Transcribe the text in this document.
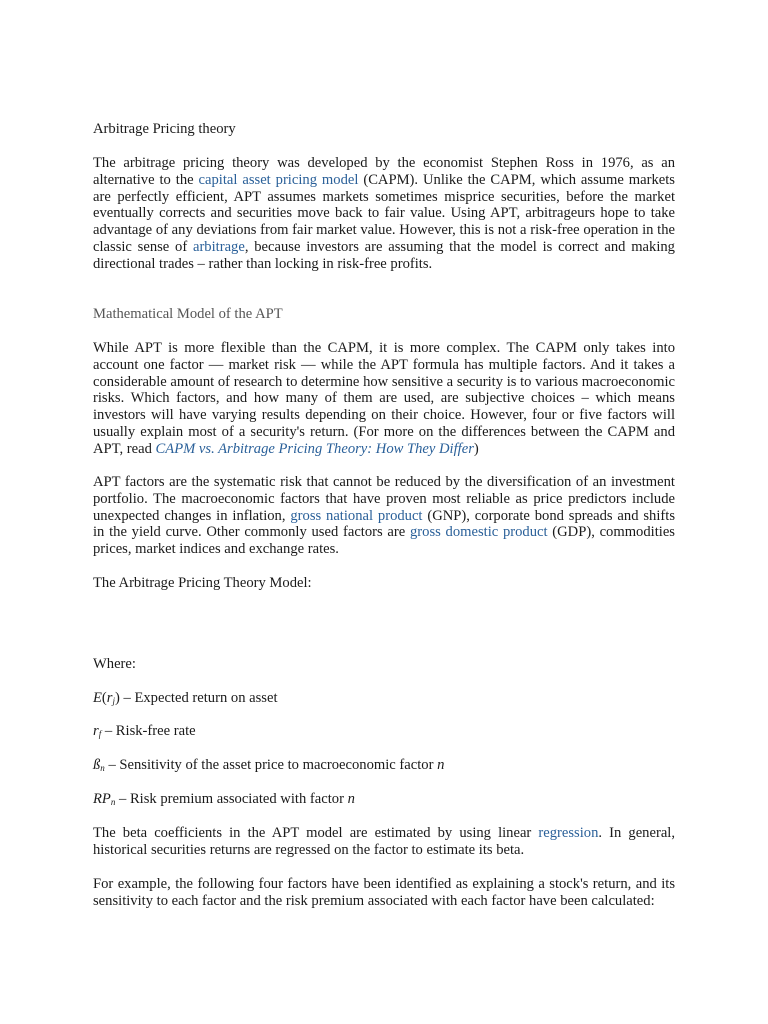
Arbitrage Pricing theory

The arbitrage pricing theory was developed by the economist Stephen Ross in 1976, as an alternative to the capital asset pricing model (CAPM). Unlike the CAPM, which assume markets are perfectly efficient, APT assumes markets sometimes misprice securities, before the market eventually corrects and securities move back to fair value. Using APT, arbitrageurs hope to take advantage of any deviations from fair market value. However, this is not a risk-free operation in the classic sense of arbitrage, because investors are assuming that the model is correct and making directional trades – rather than locking in risk-free profits.

Mathematical Model of the APT

While APT is more flexible than the CAPM, it is more complex. The CAPM only takes into account one factor — market risk — while the APT formula has multiple factors. And it takes a considerable amount of research to determine how sensitive a security is to various macroeconomic risks. Which factors, and how many of them are used, are subjective choices – which means investors will have varying results depending on their choice. However, four or five factors will usually explain most of a security's return. (For more on the differences between the CAPM and APT, read CAPM vs. Arbitrage Pricing Theory: How They Differ)

APT factors are the systematic risk that cannot be reduced by the diversification of an investment portfolio. The macroeconomic factors that have proven most reliable as price predictors include unexpected changes in inflation, gross national product (GNP), corporate bond spreads and shifts in the yield curve. Other commonly used factors are gross domestic product (GDP), commodities prices, market indices and exchange rates.

The Arbitrage Pricing Theory Model:

Where:

$E(r_j)$ – Expected return on asset

$r_f$ – Risk-free rate

$ß_n$ – Sensitivity of the asset price to macroeconomic factor n

$RP_n$ – Risk premium associated with factor n

The beta coefficients in the APT model are estimated by using linear regression. In general, historical securities returns are regressed on the factor to estimate its beta.

For example, the following four factors have been identified as explaining a stock's return, and its sensitivity to each factor and the risk premium associated with each factor have been calculated:
